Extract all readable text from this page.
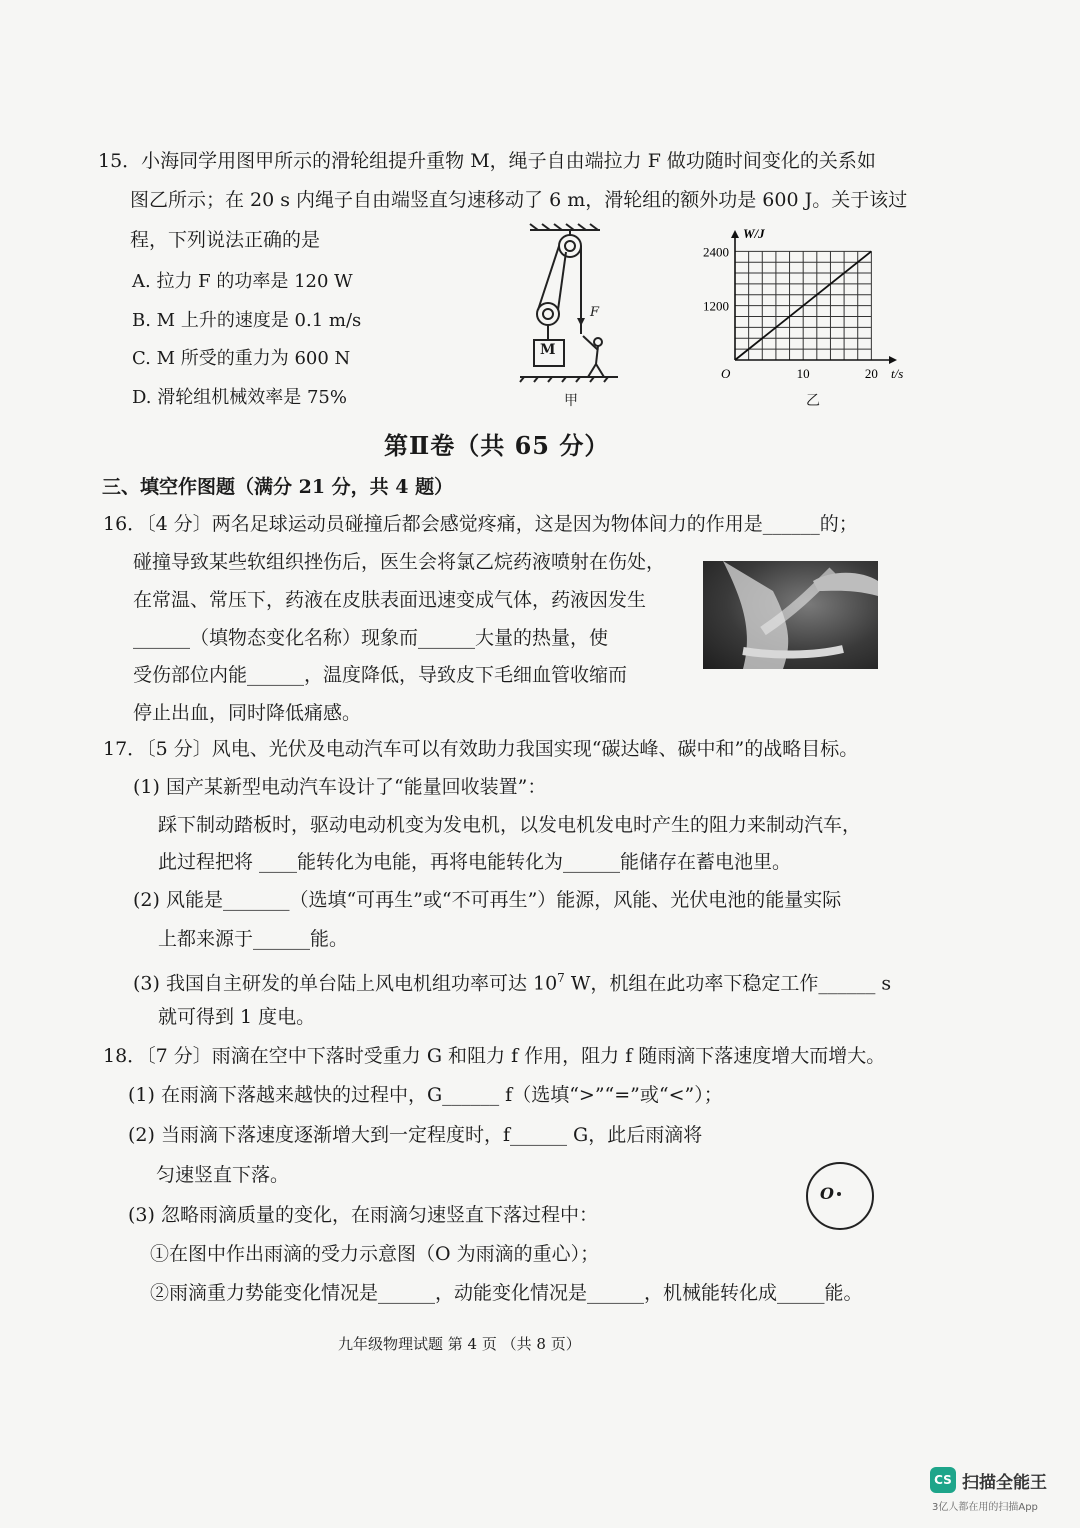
15．小海同学用图甲所示的滑轮组提升重物 M，绳子自由端拉力 F 做功随时间变化的关系如
图乙所示；在 20 s 内绳子自由端竖直匀速移动了 6 m，滑轮组的额外功是 600 J。关于该过
程，下列说法正确的是
A. 拉力 F 的功率是 120 W
B. M 上升的速度是 0.1 m/s
C. M 所受的重力为 600 N
D. 滑轮组机械效率是 75%
M
F
甲
10	20
1200
2400
O	t/s
W/J
乙
第Ⅱ卷（共 65 分）
三、填空作图题（满分 21 分，共 4 题）
16．〔4 分〕两名足球运动员碰撞后都会感觉疼痛，这是因为物体间力的作用是______的；
碰撞导致某些软组织挫伤后，医生会将氯乙烷药液喷射在伤处，
在常温、常压下，药液在皮肤表面迅速变成气体，药液因发生
______（填物态变化名称）现象而______大量的热量，使
受伤部位内能______，温度降低，导致皮下毛细血管收缩而
停止出血，同时降低痛感。
17．〔5 分〕风电、光伏及电动汽车可以有效助力我国实现“碳达峰、碳中和”的战略目标。
(1) 国产某新型电动汽车设计了“能量回收装置”：
踩下制动踏板时，驱动电动机变为发电机，以发电机发电时产生的阻力来制动汽车，
此过程把将 ____能转化为电能，再将电能转化为______能储存在蓄电池里。
(2) 风能是_______（选填“可再生”或“不可再生”）能源，风能、光伏电池的能量实际
上都来源于______能。
(3) 我国自主研发的单台陆上风电机组功率可达 $10^7$ W，机组在此功率下稳定工作______ s
就可得到 1 度电。
18．〔7 分〕雨滴在空中下落时受重力 G 和阻力 f 作用，阻力 f 随雨滴下落速度增大而增大。
(1) 在雨滴下落越来越快的过程中，G______ f（选填“>”“=”或“<”）；
(2) 当雨滴下落速度逐渐增大到一定程度时，f______ G，此后雨滴将
匀速竖直下落。
(3) 忽略雨滴质量的变化，在雨滴匀速竖直下落过程中：
①在图中作出雨滴的受力示意图（O 为雨滴的重心）；
②雨滴重力势能变化情况是______，动能变化情况是______，机械能转化成_____能。
O
九年级物理试题 第 4 页 （共 8 页）
CS 扫描全能王
3亿人都在用的扫描App
